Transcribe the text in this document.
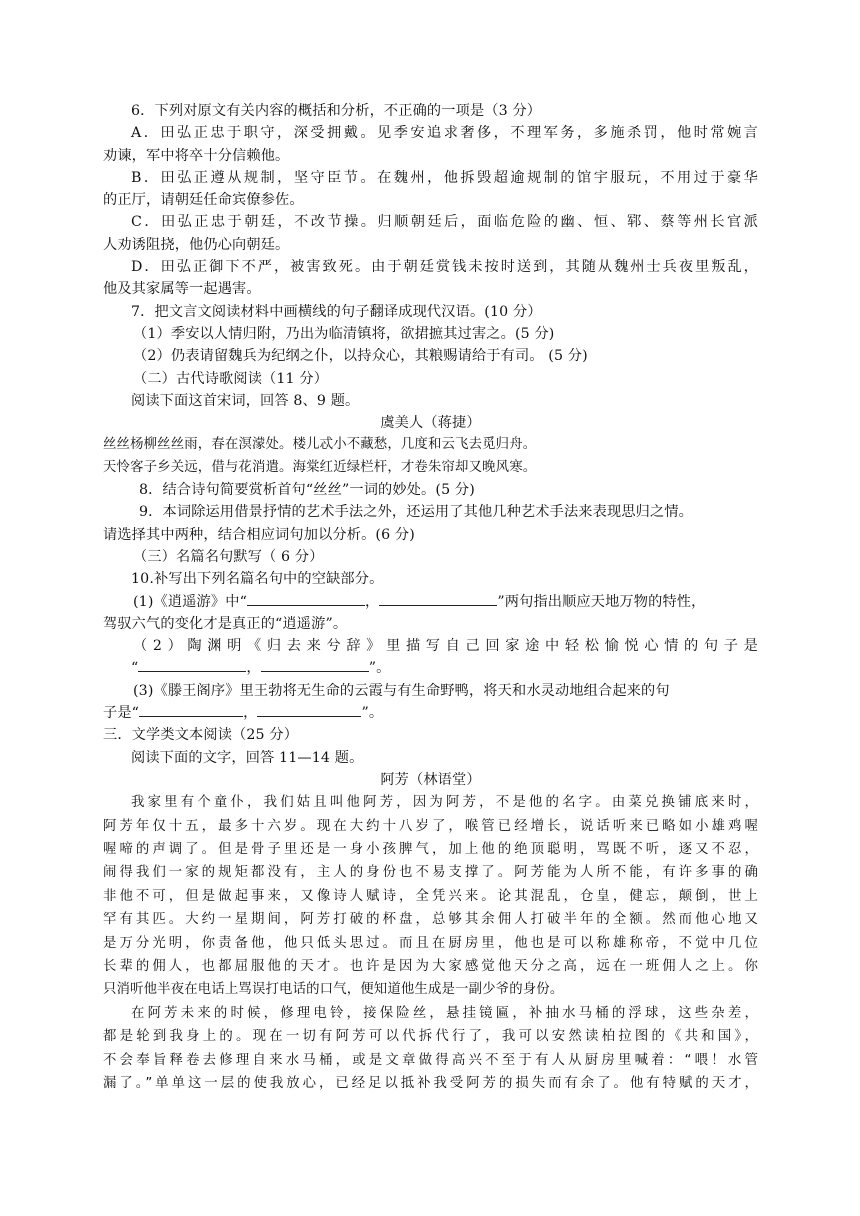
6．下列对原文有关内容的概括和分析，不正确的一项是（3 分）
A．田弘正忠于职守，深受拥戴。见季安追求奢侈，不理军务，多施杀罚，他时常婉言
劝谏，军中将卒十分信赖他。
B．田弘正遵从规制，坚守臣节。在魏州，他拆毁超逾规制的馆宇服玩，不用过于豪华
的正厅，请朝廷任命宾僚参佐。
C．田弘正忠于朝廷，不改节操。归顺朝廷后，面临危险的幽、恒、郓、蔡等州长官派
人劝诱阻挠，他仍心向朝廷。
D．田弘正御下不严，被害致死。由于朝廷赏钱未按时送到，其随从魏州士兵夜里叛乱，
他及其家属等一起遇害。
7．把文言文阅读材料中画横线的句子翻译成现代汉语。(10 分）
（1）季安以人情归附，乃出为临清镇将，欲捃摭其过害之。(5 分)
（2）仍表请留魏兵为纪纲之仆，以持众心，其粮赐请给于有司。 (5 分)
（二）古代诗歌阅读（11 分）
阅读下面这首宋词，回答 8、9 题。
虞美人（蒋捷）
丝丝杨柳丝丝雨，春在溟濛处。楼儿忒小不藏愁，几度和云飞去觅归舟。
天怜客子乡关远，借与花消遣。海棠红近绿栏杆，才卷朱帘却又晚风寒。
8．结合诗句简要赏析首句“丝丝”一词的妙处。(5 分)
9．本词除运用借景抒情的艺术手法之外，还运用了其他几种艺术手法来表现思归之情。
请选择其中两种，结合相应词句加以分析。(6 分)
（三）名篇名句默写（ 6 分）
10.补写出下列名篇名句中的空缺部分。
(1)《逍遥游》中“	，	”两句指出顺应天地万物的特性，
驾驭六气的变化才是真正的“逍遥游”。
（2）陶渊明《归去来兮辞》里描写自己回家途中轻松愉悦心情的句子是
“	，	”。
(3)《滕王阁序》里王勃将无生命的云霞与有生命野鸭，将天和水灵动地组合起来的句
子是“	，	”。
三．文学类文本阅读（25 分）
阅读下面的文字，回答 11—14 题。
阿芳（林语堂）
我家里有个童仆，我们姑且叫他阿芳，因为阿芳，不是他的名字。由菜兑换铺底来时，
阿芳年仅十五，最多十六岁。现在大约十八岁了，喉管已经增长，说话听来已略如小雄鸡喔
喔啼的声调了。但是骨子里还是一身小孩脾气，加上他的绝顶聪明，骂既不听，逐又不忍，
闹得我们一家的规矩都没有，主人的身份也不易支撑了。阿芳能为人所不能，有许多事的确
非他不可，但是做起事来，又像诗人赋诗，全凭兴来。论其混乱，仓皇，健忘，颠倒，世上
罕有其匹。大约一星期间，阿芳打破的杯盘，总够其余佣人打破半年的全额。然而他心地又
是万分光明，你责备他，他只低头思过。而且在厨房里，他也是可以称雄称帝，不觉中几位
长辈的佣人，也都屈服他的天才。也许是因为大家感觉他天分之高，远在一班佣人之上。你
只消听他半夜在电话上骂误打电话的口气，便知道他生成是一副少爷的身份。
在阿芳未来的时候，修理电铃，接保险丝，悬挂镜匾，补抽水马桶的浮球，这些杂差，
都是轮到我身上的。现在一切有阿芳可以代拆代行了，我可以安然读柏拉图的《共和国》，
不会奉旨释卷去修理自来水马桶，或是文章做得高兴不至于有人从厨房里喊着：“喂！水管
漏了。”单单这一层的使我放心，已经足以抵补我受阿芳的损失而有余了。他有特赋的天才，
